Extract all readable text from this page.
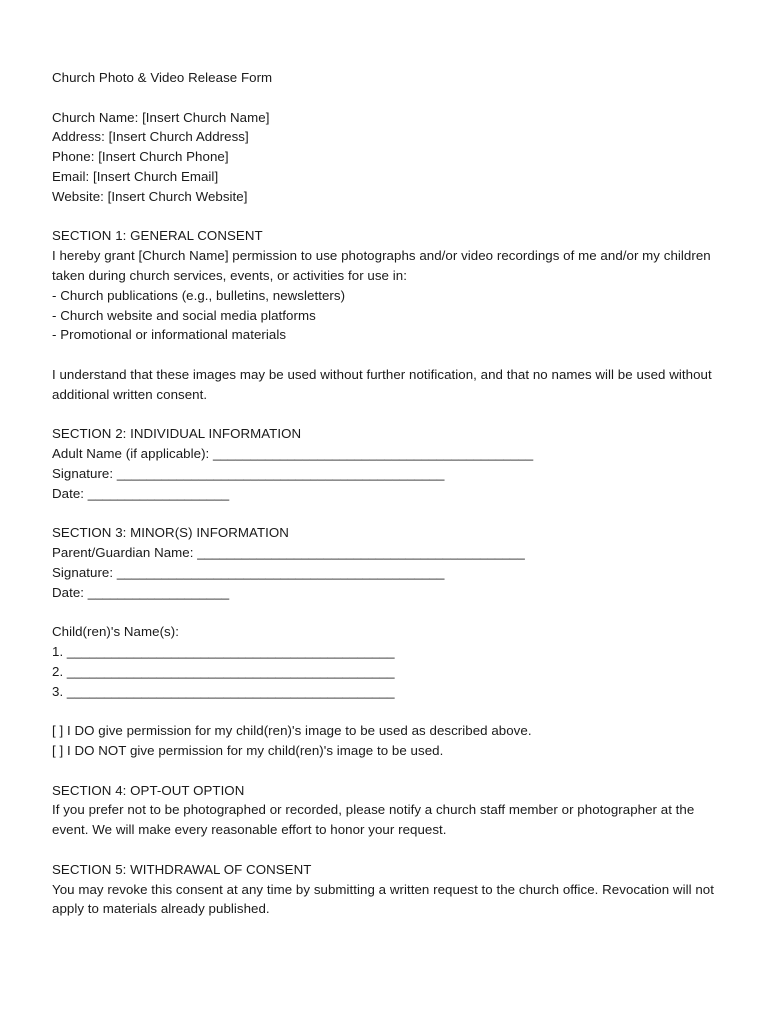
Church Photo & Video Release Form
Church Name: [Insert Church Name]
Address: [Insert Church Address]
Phone: [Insert Church Phone]
Email: [Insert Church Email]
Website: [Insert Church Website]
SECTION 1: GENERAL CONSENT
I hereby grant [Church Name] permission to use photographs and/or video recordings of me and/or my children taken during church services, events, or activities for use in:
- Church publications (e.g., bulletins, newsletters)
- Church website and social media platforms
- Promotional or informational materials
I understand that these images may be used without further notification, and that no names will be used without additional written consent.
SECTION 2: INDIVIDUAL INFORMATION
Adult Name (if applicable): ___________________________________________
Signature: ____________________________________________
Date: ___________________
SECTION 3: MINOR(S) INFORMATION
Parent/Guardian Name: ____________________________________________
Signature: ____________________________________________
Date: ___________________
Child(ren)'s Name(s):
1. ____________________________________________
2. ____________________________________________
3. ____________________________________________
[ ] I DO give permission for my child(ren)'s image to be used as described above.
[ ] I DO NOT give permission for my child(ren)'s image to be used.
SECTION 4: OPT-OUT OPTION
If you prefer not to be photographed or recorded, please notify a church staff member or photographer at the event. We will make every reasonable effort to honor your request.
SECTION 5: WITHDRAWAL OF CONSENT
You may revoke this consent at any time by submitting a written request to the church office. Revocation will not apply to materials already published.
